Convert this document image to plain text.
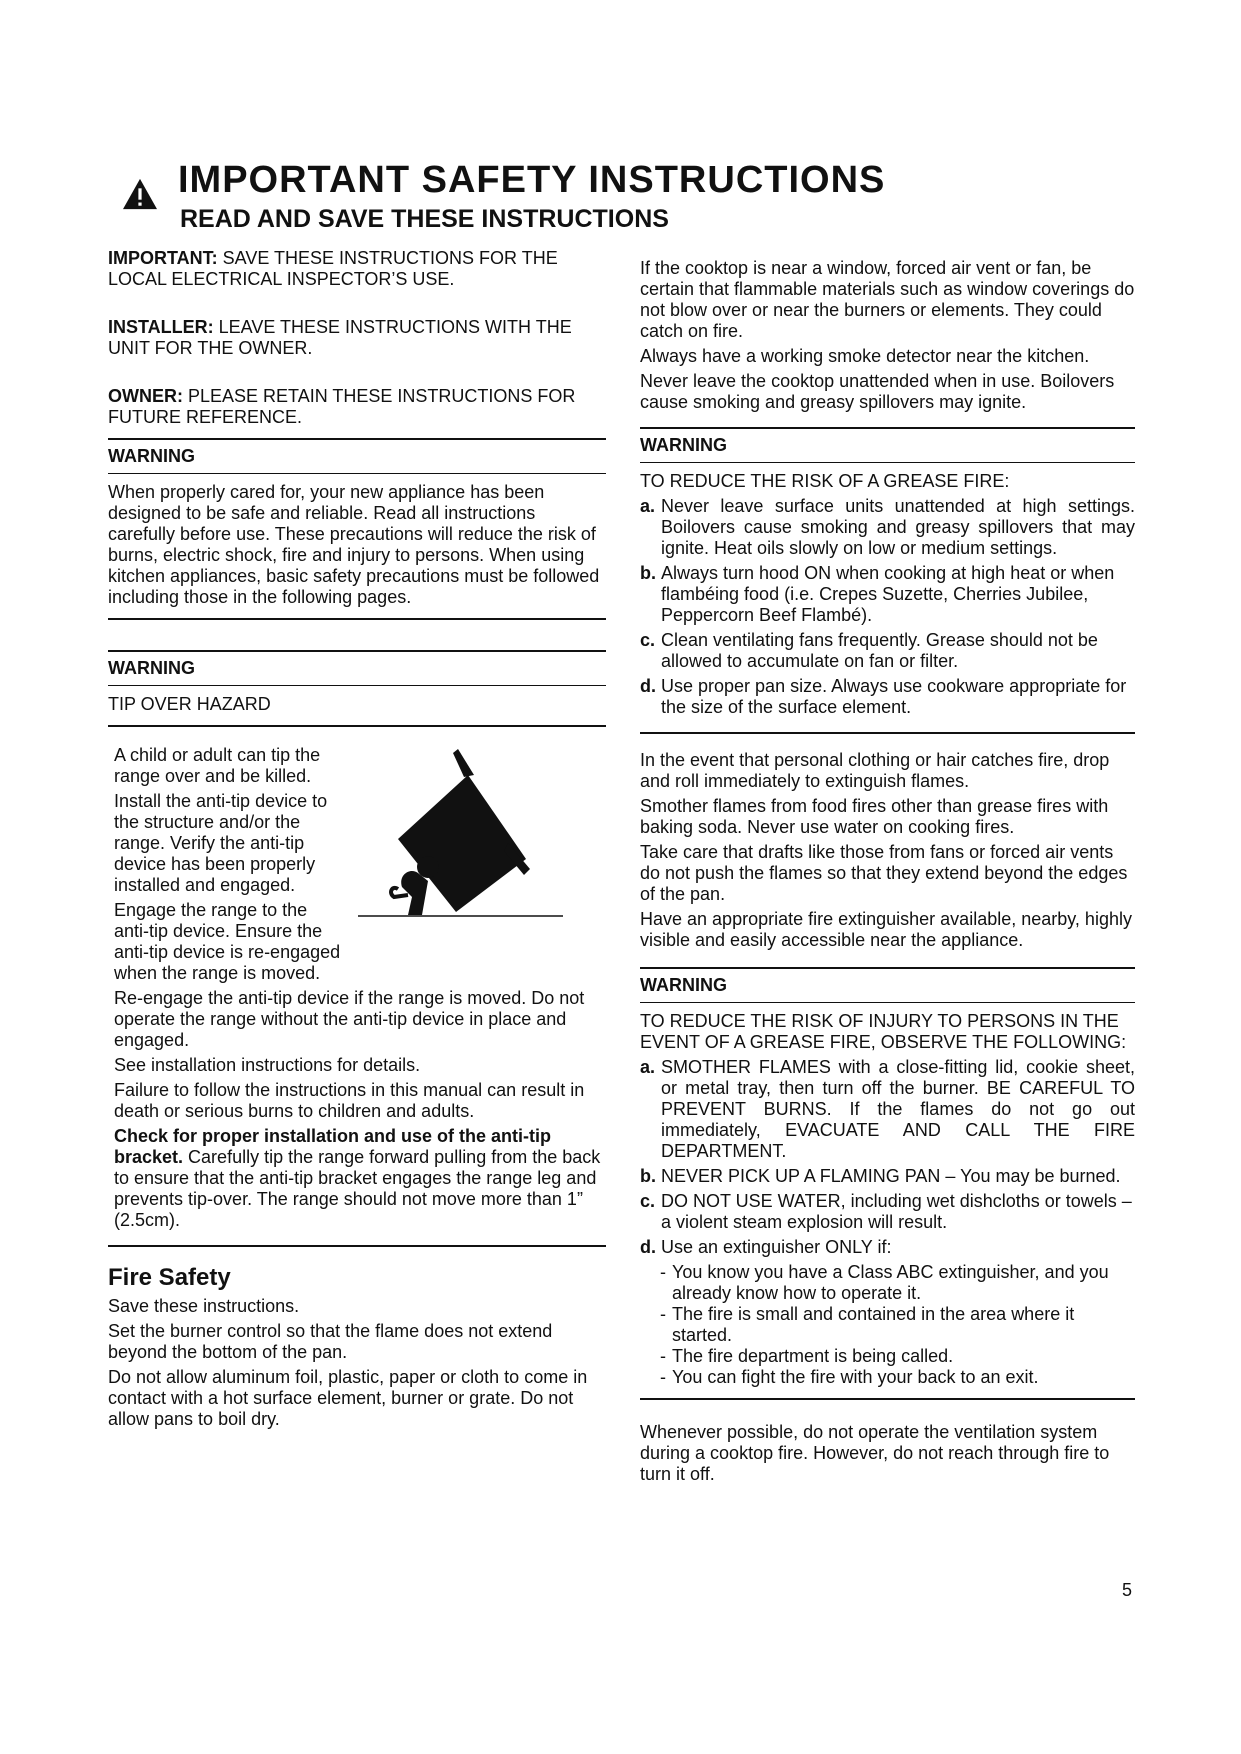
IMPORTANT SAFETY INSTRUCTIONS
READ AND SAVE THESE INSTRUCTIONS

IMPORTANT: SAVE THESE INSTRUCTIONS FOR THE LOCAL ELECTRICAL INSPECTOR’S USE.

INSTALLER: LEAVE THESE INSTRUCTIONS WITH THE UNIT FOR THE OWNER.

OWNER: PLEASE RETAIN THESE INSTRUCTIONS FOR FUTURE REFERENCE.

WARNING
When properly cared for, your new appliance has been designed to be safe and reliable. Read all instructions carefully before use. These precautions will reduce the risk of burns, electric shock, fire and injury to persons. When using kitchen appliances, basic safety precautions must be followed including those in the following pages.
WARNING
TIP OVER HAZARD

A child or adult can tip the range over and be killed.

Install the anti-tip device to the structure and/or the range. Verify the anti-tip device has been properly installed and engaged.

Engage the range to the anti-tip device. Ensure the anti-tip device is re-engaged when the range is moved.

Re-engage the anti-tip device if the range is moved. Do not operate the range without the anti-tip device in place and engaged.

See installation instructions for details.

Failure to follow the instructions in this manual can result in death or serious burns to children and adults.

Check for proper installation and use of the anti-tip bracket. Carefully tip the range forward pulling from the back to ensure that the anti-tip bracket engages the range leg and prevents tip-over. The range should not move more than 1” (2.5cm).

Fire Safety

Save these instructions.

Set the burner control so that the flame does not extend beyond the bottom of the pan.

Do not allow aluminum foil, plastic, paper or cloth to come in contact with a hot surface element, burner or grate. Do not allow pans to boil dry.

If the cooktop is near a window, forced air vent or fan, be certain that flammable materials such as window coverings do not blow over or near the burners or elements. They could catch on fire.

Always have a working smoke detector near the kitchen.

Never leave the cooktop unattended when in use. Boilovers cause smoking and greasy spillovers may ignite.

WARNING

TO REDUCE THE RISK OF A GREASE FIRE:

a. Never leave surface units unattended at high settings. Boilovers cause smoking and greasy spillovers that may ignite. Heat oils slowly on low or medium settings.
b. Always turn hood ON when cooking at high heat or when flambéing food (i.e. Crepes Suzette, Cherries Jubilee, Peppercorn Beef Flambé).
c. Clean ventilating fans frequently. Grease should not be allowed to accumulate on fan or filter.
d. Use proper pan size. Always use cookware appropriate for the size of the surface element.

In the event that personal clothing or hair catches fire, drop and roll immediately to extinguish flames.

Smother flames from food fires other than grease fires with baking soda. Never use water on cooking fires.

Take care that drafts like those from fans or forced air vents do not push the flames so that they extend beyond the edges of the pan.

Have an appropriate fire extinguisher available, nearby, highly visible and easily accessible near the appliance.

WARNING

TO REDUCE THE RISK OF INJURY TO PERSONS IN THE EVENT OF A GREASE FIRE, OBSERVE THE FOLLOWING:

a. SMOTHER FLAMES with a close-fitting lid, cookie sheet, or metal tray, then turn off the burner. BE CAREFUL TO PREVENT BURNS. If the flames do not go out immediately, EVACUATE AND CALL THE FIRE DEPARTMENT.
b. NEVER PICK UP A FLAMING PAN – You may be burned.
c. DO NOT USE WATER, including wet dishcloths or towels – a violent steam explosion will result.
d. Use an extinguisher ONLY if:
- You know you have a Class ABC extinguisher, and you already know how to operate it.
- The fire is small and contained in the area where it started.
- The fire department is being called.
- You can fight the fire with your back to an exit.

Whenever possible, do not operate the ventilation system during a cooktop fire. However, do not reach through fire to turn it off.

5
